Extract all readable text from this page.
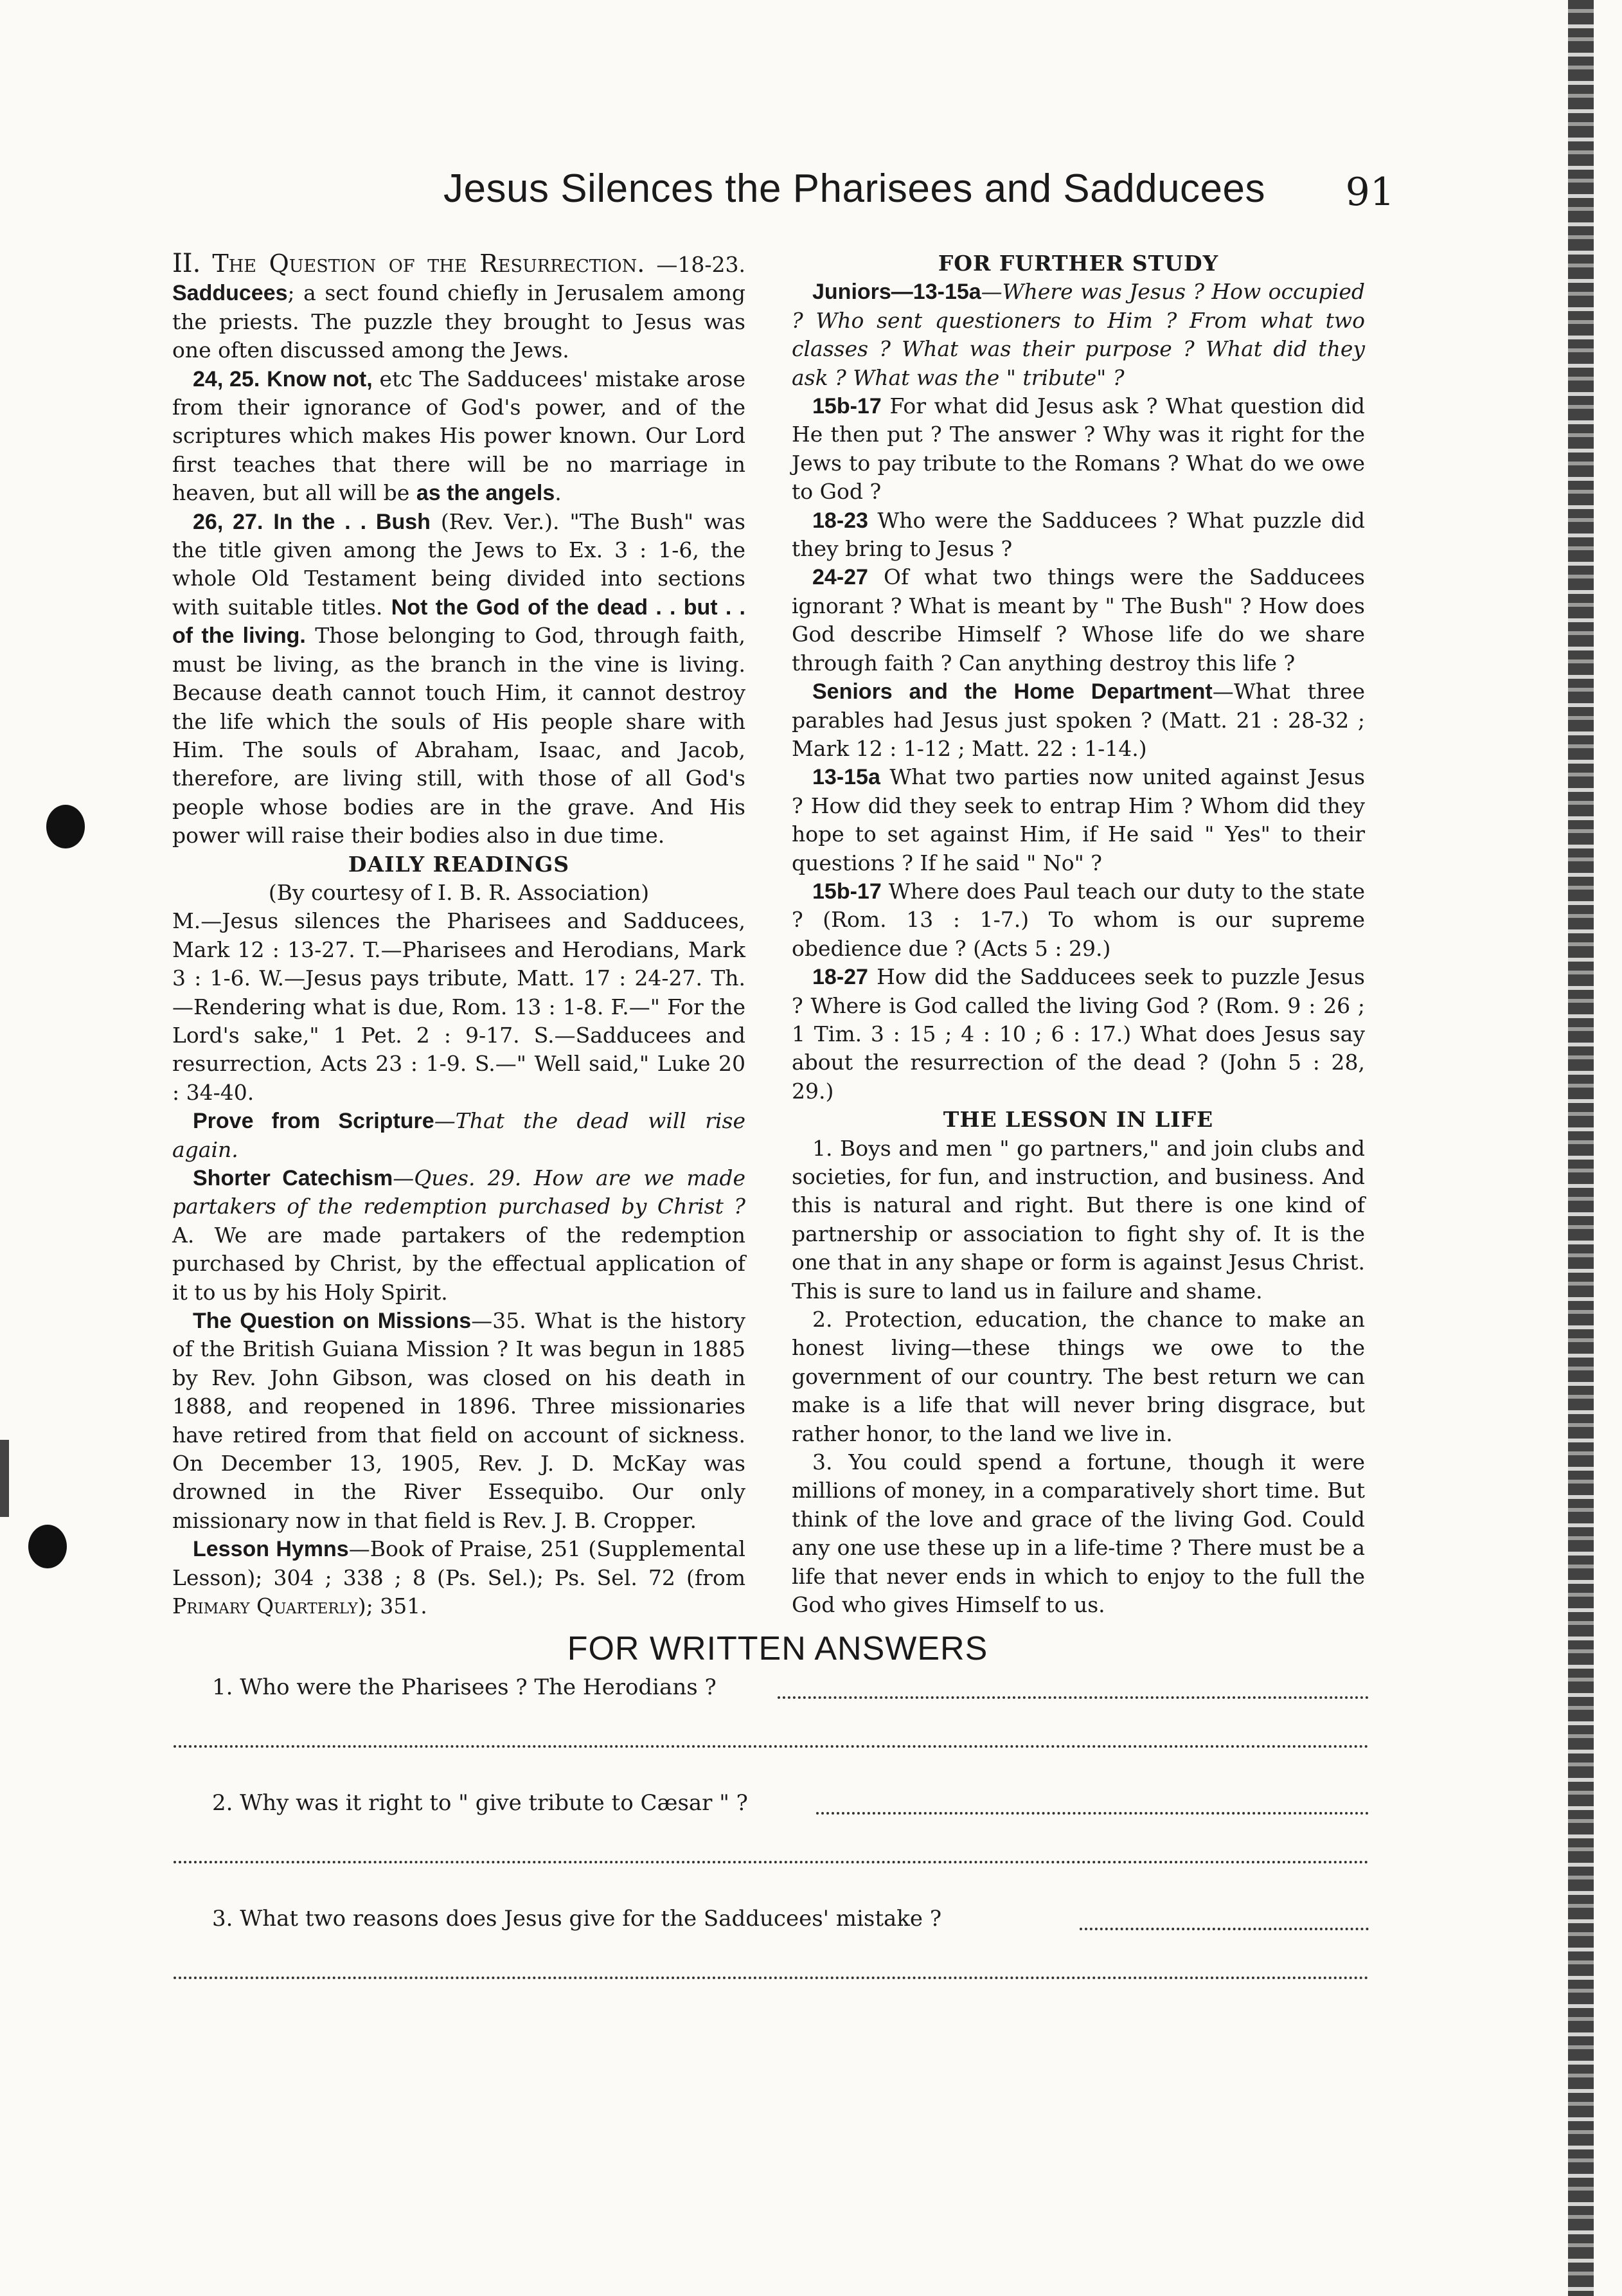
Jesus Silences the Pharisees and Sadducees 91

II. The Question of the Resurrection. —18-23. Sadducees; a sect found chiefly in Jerusalem among the priests. The puzzle they brought to Jesus was one often discussed among the Jews.

24, 25. Know not, etc The Sadducees' mistake arose from their ignorance of God's power, and of the scriptures which makes His power known. Our Lord first teaches that there will be no marriage in heaven, but all will be as the angels.

26, 27. In the . . Bush (Rev. Ver.). "The Bush" was the title given among the Jews to Ex. 3 : 1-6, the whole Old Testament being divided into sections with suitable titles. Not the God of the dead . . but . . of the living. Those belonging to God, through faith, must be living, as the branch in the vine is living. Because death cannot touch Him, it cannot destroy the life which the souls of His people share with Him. The souls of Abraham, Isaac, and Jacob, therefore, are living still, with those of all God's people whose bodies are in the grave. And His power will raise their bodies also in due time.

DAILY READINGS
(By courtesy of I. B. R. Association)

M.—Jesus silences the Pharisees and Sadducees, Mark 12 : 13-27. T.—Pharisees and Herodians, Mark 3 : 1-6. W.—Jesus pays tribute, Matt. 17 : 24-27. Th.—Rendering what is due, Rom. 13 : 1-8. F.—" For the Lord's sake," 1 Pet. 2 : 9-17. S.—Sadducees and resurrection, Acts 23 : 1-9. S.—" Well said," Luke 20 : 34-40.

Prove from Scripture—That the dead will rise again.

Shorter Catechism—Ques. 29. How are we made partakers of the redemption purchased by Christ ? A. We are made partakers of the redemption purchased by Christ, by the effectual application of it to us by his Holy Spirit.

The Question on Missions—35. What is the history of the British Guiana Mission ? It was begun in 1885 by Rev. John Gibson, was closed on his death in 1888, and reopened in 1896. Three missionaries have retired from that field on account of sickness. On December 13, 1905, Rev. J. D. McKay was drowned in the River Essequibo. Our only missionary now in that field is Rev. J. B. Cropper.

Lesson Hymns—Book of Praise, 251 (Supplemental Lesson); 304 ; 338 ; 8 (Ps. Sel.); Ps. Sel. 72 (from Primary Quarterly); 351.

FOR FURTHER STUDY

Juniors—13-15a—Where was Jesus ? How occupied ? Who sent questioners to Him ? From what two classes ? What was their purpose ? What did they ask ? What was the " tribute" ?

15b-17 For what did Jesus ask ? What question did He then put ? The answer ? Why was it right for the Jews to pay tribute to the Romans ? What do we owe to God ?

18-23 Who were the Sadducees ? What puzzle did they bring to Jesus ?

24-27 Of what two things were the Sadducees ignorant ? What is meant by " The Bush" ? How does God describe Himself ? Whose life do we share through faith ? Can anything destroy this life ?

Seniors and the Home Department—What three parables had Jesus just spoken ? (Matt. 21 : 28-32 ; Mark 12 : 1-12 ; Matt. 22 : 1-14.)

13-15a What two parties now united against Jesus ? How did they seek to entrap Him ? Whom did they hope to set against Him, if He said " Yes" to their questions ? If he said " No" ?

15b-17 Where does Paul teach our duty to the state ? (Rom. 13 : 1-7.) To whom is our supreme obedience due ? (Acts 5 : 29.)

18-27 How did the Sadducees seek to puzzle Jesus ? Where is God called the living God ? (Rom. 9 : 26 ; 1 Tim. 3 : 15 ; 4 : 10 ; 6 : 17.) What does Jesus say about the resurrection of the dead ? (John 5 : 28, 29.)

THE LESSON IN LIFE

1. Boys and men " go partners," and join clubs and societies, for fun, and instruction, and business. And this is natural and right. But there is one kind of partnership or association to fight shy of. It is the one that in any shape or form is against Jesus Christ. This is sure to land us in failure and shame.

2. Protection, education, the chance to make an honest living—these things we owe to the government of our country. The best return we can make is a life that will never bring disgrace, but rather honor, to the land we live in.

3. You could spend a fortune, though it were millions of money, in a comparatively short time. But think of the love and grace of the living God. Could any one use these up in a life-time ? There must be a life that never ends in which to enjoy to the full the God who gives Himself to us.

FOR WRITTEN ANSWERS
1. Who were the Pharisees ? The Herodians ?
2. Why was it right to " give tribute to Cæsar " ?
3. What two reasons does Jesus give for the Sadducees' mistake ?
